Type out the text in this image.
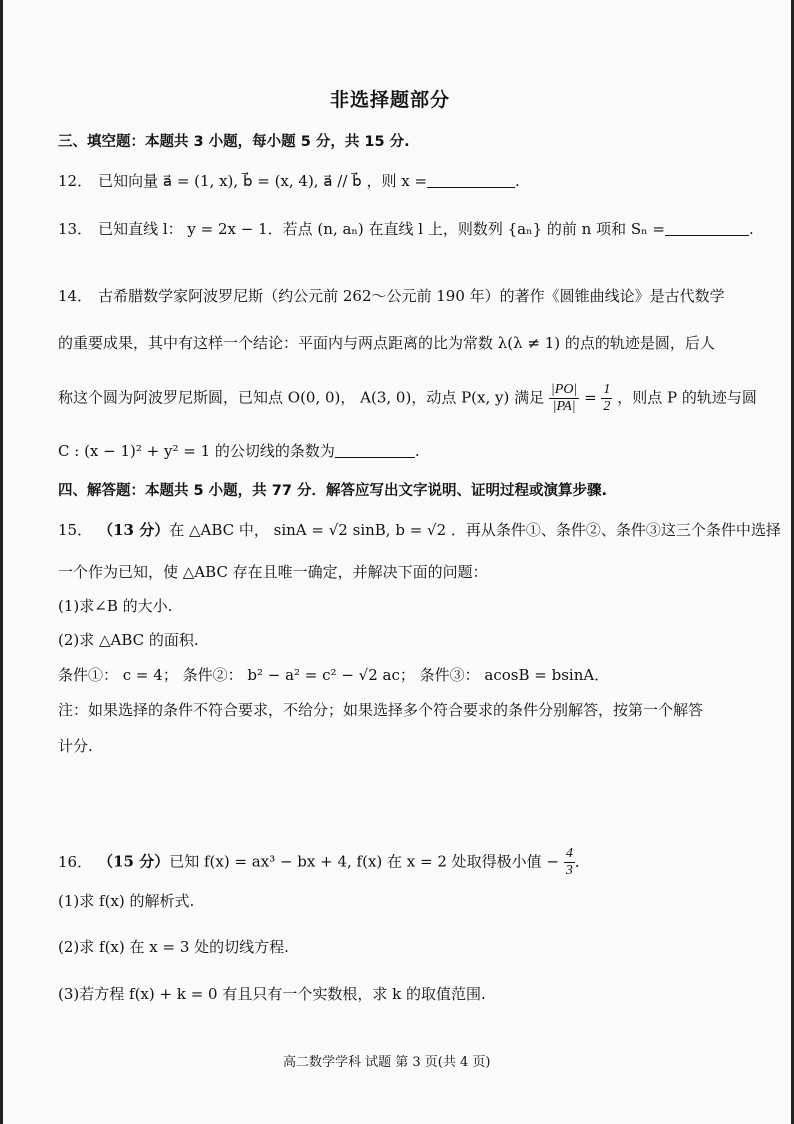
非选择题部分
三、填空题：本题共 3 小题，每小题 5 分，共 15 分.
12． 已知向量 a⃗ = (1, x), b⃗ = (x, 4), a⃗ // b⃗ ，则 x =	.
13． 已知直线 l： y = 2x − 1．若点 (n, aₙ) 在直线 l 上，则数列 {aₙ} 的前 n 项和 Sₙ =	.
14． 古希腊数学家阿波罗尼斯（约公元前 262～公元前 190 年）的著作《圆锥曲线论》是古代数学
的重要成果，其中有这样一个结论：平面内与两点距离的比为常数 λ(λ ≠ 1) 的点的轨迹是圆，后人
称这个圆为阿波罗尼斯圆，已知点 O(0, 0)， A(3, 0)，动点 P(x, y) 满足 $\frac{|PO|}{|PA|} = \frac{1}{2}$ ，则点 P 的轨迹与圆
C : (x − 1)² + y² = 1 的公切线的条数为	.
四、解答题：本题共 5 小题，共 77 分．解答应写出文字说明、证明过程或演算步骤.
15． （13 分）在 △ABC 中， sinA = √2 sinB, b = √2 ．再从条件①、条件②、条件③这三个条件中选择
一个作为已知，使 △ABC 存在且唯一确定，并解决下面的问题：
(1)求∠B 的大小.
(2)求 △ABC 的面积.
条件①： c = 4； 条件②： b² − a² = c² − √2 ac； 条件③： acosB = bsinA．
注：如果选择的条件不符合要求，不给分；如果选择多个符合要求的条件分别解答，按第一个解答
计分.
16． （15 分）已知 f(x) = ax³ − bx + 4, f(x) 在 x = 2 处取得极小值 − $\frac{4}{3}$ ．
(1)求 f(x) 的解析式.
(2)求 f(x) 在 x = 3 处的切线方程.
(3)若方程 f(x) + k = 0 有且只有一个实数根，求 k 的取值范围.
高二数学学科 试题 第 3 页(共 4 页)
